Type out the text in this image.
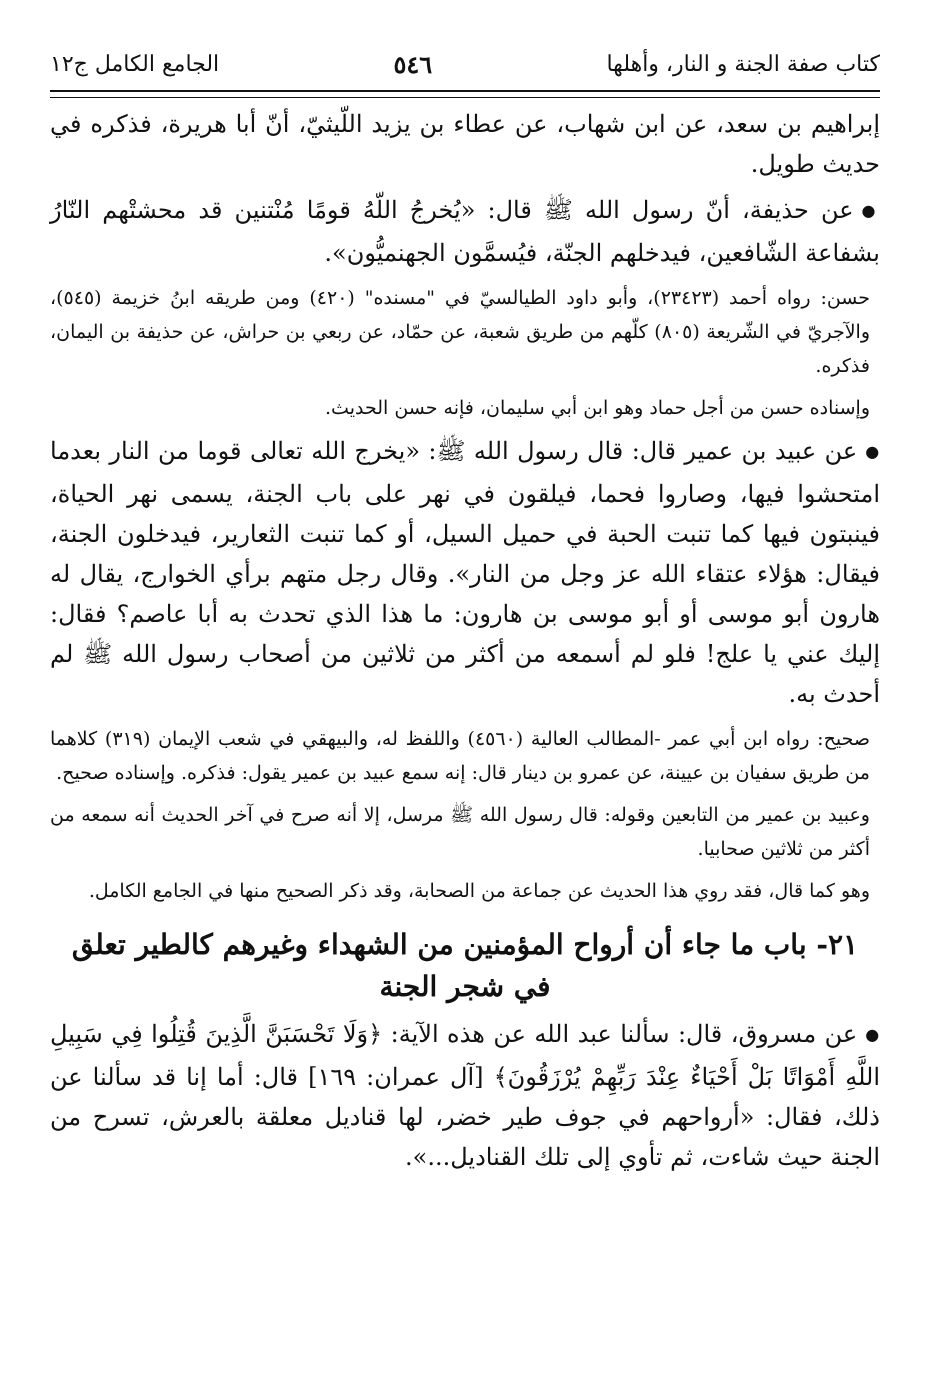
كتاب صفة الجنة و النار، وأهلها
٥٤٦
الجامع الكامل ج١٢

إبراهيم بن سعد، عن ابن شهاب، عن عطاء بن يزيد اللّيثيّ، أنّ أبا هريرة، فذكره في حديث طويل.

● عن حذيفة، أنّ رسول الله ﷺ قال: «يُخرجُ اللّهُ قومًا مُنْتنين قد محشتْهم النّارُ بشفاعة الشّافعين، فيدخلهم الجنّة، فيُسمَّون الجهنميُّون».

حسن: رواه أحمد (٢٣٤٢٣)، وأبو داود الطيالسيّ في "مسنده" (٤٢٠) ومن طريقه ابنُ خزيمة (٥٤٥)، والآجريّ في الشّريعة (٨٠٥) كلّهم من طريق شعبة، عن حمّاد، عن ربعي بن حراش، عن حذيفة بن اليمان، فذكره.

وإسناده حسن من أجل حماد وهو ابن أبي سليمان، فإنه حسن الحديث.

● عن عبيد بن عمير قال: قال رسول الله ﷺ: «يخرج الله تعالى قوما من النار بعدما امتحشوا فيها، وصاروا فحما، فيلقون في نهر على باب الجنة، يسمى نهر الحياة، فينبتون فيها كما تنبت الحبة في حميل السيل، أو كما تنبت الثعارير، فيدخلون الجنة، فيقال: هؤلاء عتقاء الله عز وجل من النار». وقال رجل متهم برأي الخوارج، يقال له هارون أبو موسى أو أبو موسى بن هارون: ما هذا الذي تحدث به أبا عاصم؟ فقال: إليك عني يا علج! فلو لم أسمعه من أكثر من ثلاثين من أصحاب رسول الله ﷺ لم أحدث به.

صحيح: رواه ابن أبي عمر -المطالب العالية (٤٥٦٠) واللفظ له، والبيهقي في شعب الإيمان (٣١٩) كلاهما من طريق سفيان بن عيينة، عن عمرو بن دينار قال: إنه سمع عبيد بن عمير يقول: فذكره. وإسناده صحيح.

وعبيد بن عمير من التابعين وقوله: قال رسول الله ﷺ مرسل، إلا أنه صرح في آخر الحديث أنه سمعه من أكثر من ثلاثين صحابيا.

وهو كما قال، فقد روي هذا الحديث عن جماعة من الصحابة، وقد ذكر الصحيح منها في الجامع الكامل.

٢١- باب ما جاء أن أرواح المؤمنين من الشهداء وغيرهم كالطير تعلق في شجر الجنة

● عن مسروق، قال: سألنا عبد الله عن هذه الآية: ﴿وَلَا تَحْسَبَنَّ الَّذِينَ قُتِلُوا فِي سَبِيلِ اللَّهِ أَمْوَاتًا بَلْ أَحْيَاءٌ عِنْدَ رَبِّهِمْ يُرْزَقُونَ﴾ [آل عمران: ١٦٩] قال: أما إنا قد سألنا عن ذلك، فقال: «أرواحهم في جوف طير خضر، لها قناديل معلقة بالعرش، تسرح من الجنة حيث شاءت، ثم تأوي إلى تلك القناديل...».
